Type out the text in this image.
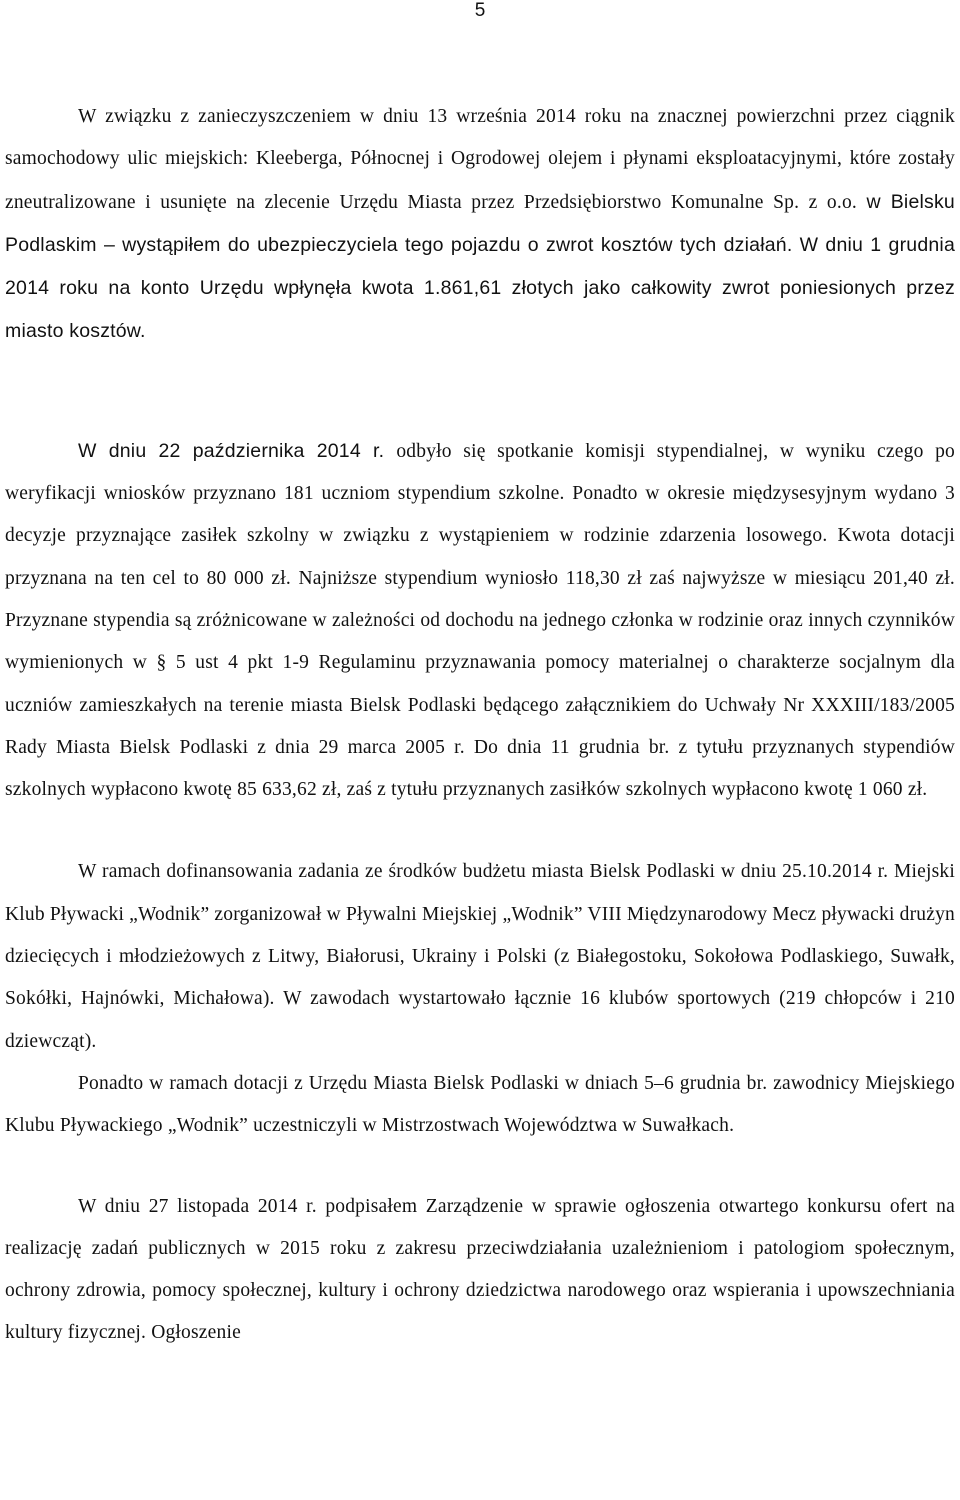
5

W związku z zanieczyszczeniem w dniu 13 września 2014 roku na znacznej powierzchni przez ciągnik samochodowy ulic miejskich: Kleeberga, Północnej i Ogrodowej olejem i płynami eksploatacyjnymi, które zostały zneutralizowane i usunięte na zlecenie Urzędu Miasta przez Przedsiębiorstwo Komunalne Sp. z o.o. w Bielsku Podlaskim – wystąpiłem do ubezpieczyciela tego pojazdu o zwrot kosztów tych działań. W dniu 1 grudnia 2014 roku na konto Urzędu wpłynęła kwota 1.861,61 złotych jako całkowity zwrot poniesionych przez miasto kosztów.

W dniu 22 października 2014 r. odbyło się spotkanie komisji stypendialnej, w wyniku czego po weryfikacji wniosków przyznano 181 uczniom stypendium szkolne. Ponadto w okresie międzysesyjnym wydano 3 decyzje przyznające zasiłek szkolny w związku z wystąpieniem w rodzinie zdarzenia losowego. Kwota dotacji przyznana na ten cel to 80 000 zł. Najniższe stypendium wyniosło 118,30 zł zaś najwyższe w miesiącu 201,40 zł. Przyznane stypendia są zróżnicowane w zależności od dochodu na jednego członka w rodzinie oraz innych czynników wymienionych w § 5 ust 4 pkt 1-9 Regulaminu przyznawania pomocy materialnej o charakterze socjalnym dla uczniów zamieszkałych na terenie miasta Bielsk Podlaski będącego załącznikiem do Uchwały Nr XXXIII/183/2005 Rady Miasta Bielsk Podlaski z dnia 29 marca 2005 r. Do dnia 11 grudnia br. z tytułu przyznanych stypendiów szkolnych wypłacono kwotę 85 633,62 zł, zaś z tytułu przyznanych zasiłków szkolnych wypłacono kwotę 1 060 zł.

W ramach dofinansowania zadania ze środków budżetu miasta Bielsk Podlaski w dniu 25.10.2014 r. Miejski Klub Pływacki „Wodnik” zorganizował w Pływalni Miejskiej „Wodnik” VIII Międzynarodowy Mecz pływacki drużyn dziecięcych i młodzieżowych z Litwy, Białorusi, Ukrainy i Polski (z Białegostoku, Sokołowa Podlaskiego, Suwałk, Sokółki, Hajnówki, Michałowa). W zawodach wystartowało łącznie 16 klubów sportowych (219 chłopców i 210 dziewcząt).

Ponadto w ramach dotacji z Urzędu Miasta Bielsk Podlaski w dniach 5–6 grudnia br. zawodnicy Miejskiego Klubu Pływackiego „Wodnik” uczestniczyli w Mistrzostwach Województwa w Suwałkach.

W dniu 27 listopada 2014 r. podpisałem Zarządzenie w sprawie ogłoszenia otwartego konkursu ofert na realizację zadań publicznych w 2015 roku z zakresu przeciwdziałania uzależnieniom i patologiom społecznym, ochrony zdrowia, pomocy społecznej, kultury i ochrony dziedzictwa narodowego oraz wspierania i upowszechniania kultury fizycznej. Ogłoszenie
